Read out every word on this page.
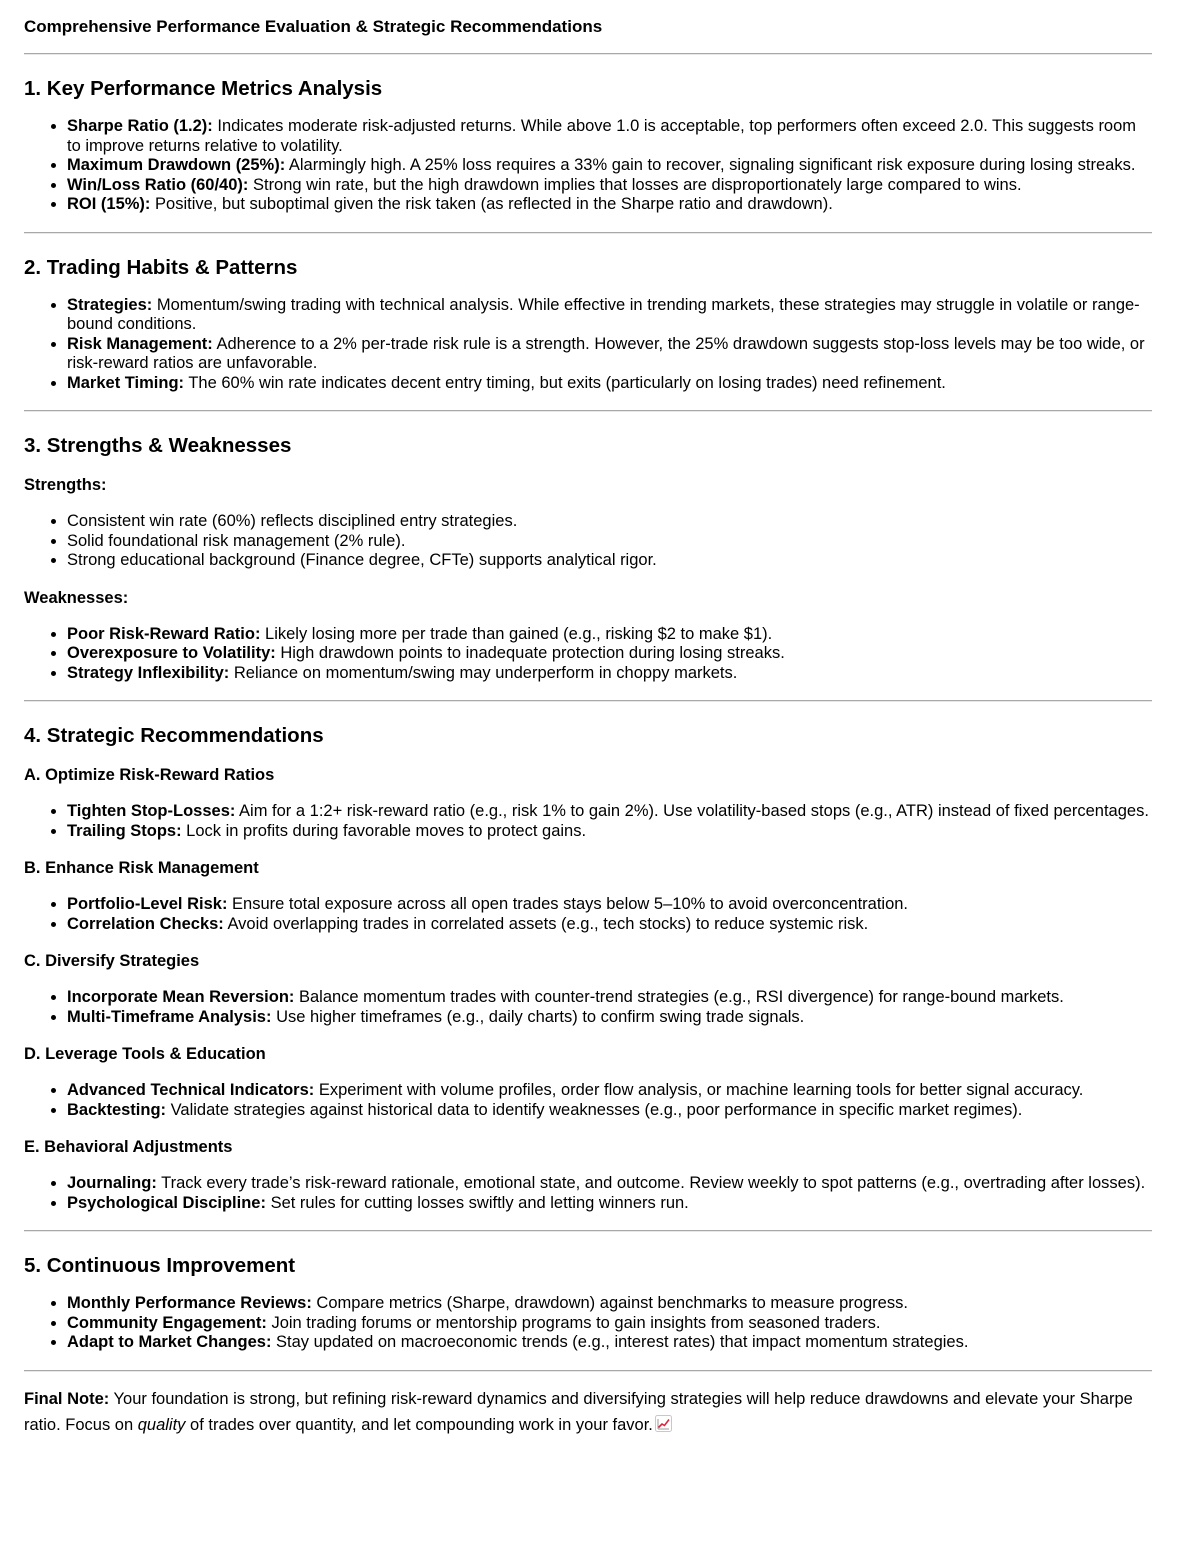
Comprehensive Performance Evaluation & Strategic Recommendations
1. Key Performance Metrics Analysis
• Sharpe Ratio (1.2): Indicates moderate risk-adjusted returns. While above 1.0 is acceptable, top performers often exceed 2.0. This suggests room to improve returns relative to volatility.
• Maximum Drawdown (25%): Alarmingly high. A 25% loss requires a 33% gain to recover, signaling significant risk exposure during losing streaks.
• Win/Loss Ratio (60/40): Strong win rate, but the high drawdown implies that losses are disproportionately large compared to wins.
• ROI (15%): Positive, but suboptimal given the risk taken (as reflected in the Sharpe ratio and drawdown).
2. Trading Habits & Patterns
• Strategies: Momentum/swing trading with technical analysis. While effective in trending markets, these strategies may struggle in volatile or range-bound conditions.
• Risk Management: Adherence to a 2% per-trade risk rule is a strength. However, the 25% drawdown suggests stop-loss levels may be too wide, or risk-reward ratios are unfavorable.
• Market Timing: The 60% win rate indicates decent entry timing, but exits (particularly on losing trades) need refinement.
3. Strengths & Weaknesses
Strengths:
• Consistent win rate (60%) reflects disciplined entry strategies.
• Solid foundational risk management (2% rule).
• Strong educational background (Finance degree, CFTe) supports analytical rigor.
Weaknesses:
• Poor Risk-Reward Ratio: Likely losing more per trade than gained (e.g., risking $2 to make $1).
• Overexposure to Volatility: High drawdown points to inadequate protection during losing streaks.
• Strategy Inflexibility: Reliance on momentum/swing may underperform in choppy markets.
4. Strategic Recommendations
A. Optimize Risk-Reward Ratios
• Tighten Stop-Losses: Aim for a 1:2+ risk-reward ratio (e.g., risk 1% to gain 2%). Use volatility-based stops (e.g., ATR) instead of fixed percentages.
• Trailing Stops: Lock in profits during favorable moves to protect gains.
B. Enhance Risk Management
• Portfolio-Level Risk: Ensure total exposure across all open trades stays below 5–10% to avoid overconcentration.
• Correlation Checks: Avoid overlapping trades in correlated assets (e.g., tech stocks) to reduce systemic risk.
C. Diversify Strategies
• Incorporate Mean Reversion: Balance momentum trades with counter-trend strategies (e.g., RSI divergence) for range-bound markets.
• Multi-Timeframe Analysis: Use higher timeframes (e.g., daily charts) to confirm swing trade signals.
D. Leverage Tools & Education
• Advanced Technical Indicators: Experiment with volume profiles, order flow analysis, or machine learning tools for better signal accuracy.
• Backtesting: Validate strategies against historical data to identify weaknesses (e.g., poor performance in specific market regimes).
E. Behavioral Adjustments
• Journaling: Track every trade’s risk-reward rationale, emotional state, and outcome. Review weekly to spot patterns (e.g., overtrading after losses).
• Psychological Discipline: Set rules for cutting losses swiftly and letting winners run.
5. Continuous Improvement
• Monthly Performance Reviews: Compare metrics (Sharpe, drawdown) against benchmarks to measure progress.
• Community Engagement: Join trading forums or mentorship programs to gain insights from seasoned traders.
• Adapt to Market Changes: Stay updated on macroeconomic trends (e.g., interest rates) that impact momentum strategies.

Final Note: Your foundation is strong, but refining risk-reward dynamics and diversifying strategies will help reduce drawdowns and elevate your Sharpe ratio. Focus on quality of trades over quantity, and let compounding work in your favor.
